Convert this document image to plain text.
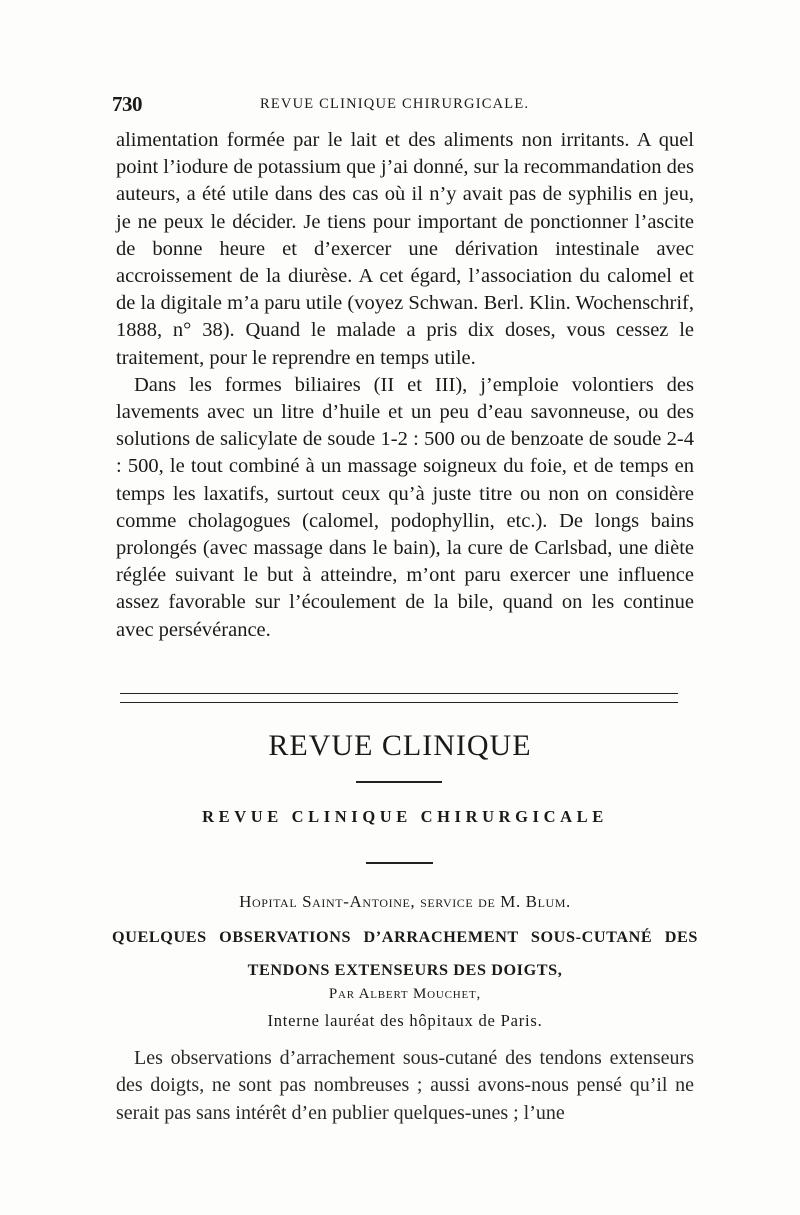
730	REVUE CLINIQUE CHIRURGICALE.

alimentation formée par le lait et des aliments non irritants. A quel point l’iodure de potassium que j’ai donné, sur la recommandation des auteurs, a été utile dans des cas où il n’y avait pas de syphilis en jeu, je ne peux le décider. Je tiens pour important de ponctionner l’ascite de bonne heure et d’exercer une dérivation intestinale avec accroissement de la diurèse. A cet égard, l’association du calomel et de la digitale m’a paru utile (voyez Schwan. Berl. Klin. Wochenschrif, 1888, n° 38). Quand le malade a pris dix doses, vous cessez le traitement, pour le reprendre en temps utile.

Dans les formes biliaires (II et III), j’emploie volontiers des lavements avec un litre d’huile et un peu d’eau savonneuse, ou des solutions de salicylate de soude 1-2 : 500 ou de benzoate de soude 2-4 : 500, le tout combiné à un massage soigneux du foie, et de temps en temps les laxatifs, surtout ceux qu’à juste titre ou non on considère comme cholagogues (calomel, podophyllin, etc.). De longs bains prolongés (avec massage dans le bain), la cure de Carlsbad, une diète réglée suivant le but à atteindre, m’ont paru exercer une influence assez favorable sur l’écoulement de la bile, quand on les continue avec persévérance.

REVUE CLINIQUE
REVUE CLINIQUE CHIRURGICALE
Hopital Saint-Antoine, service de M. Blum.
QUELQUES OBSERVATIONS D’ARRACHEMENT SOUS-CUTANÉ DES
TENDONS EXTENSEURS DES DOIGTS,
Par Albert Mouchet,
Interne lauréat des hôpitaux de Paris.

Les observations d’arrachement sous-cutané des tendons extenseurs des doigts, ne sont pas nombreuses ; aussi avons-nous pensé qu’il ne serait pas sans intérêt d’en publier quelques-unes ; l’une
